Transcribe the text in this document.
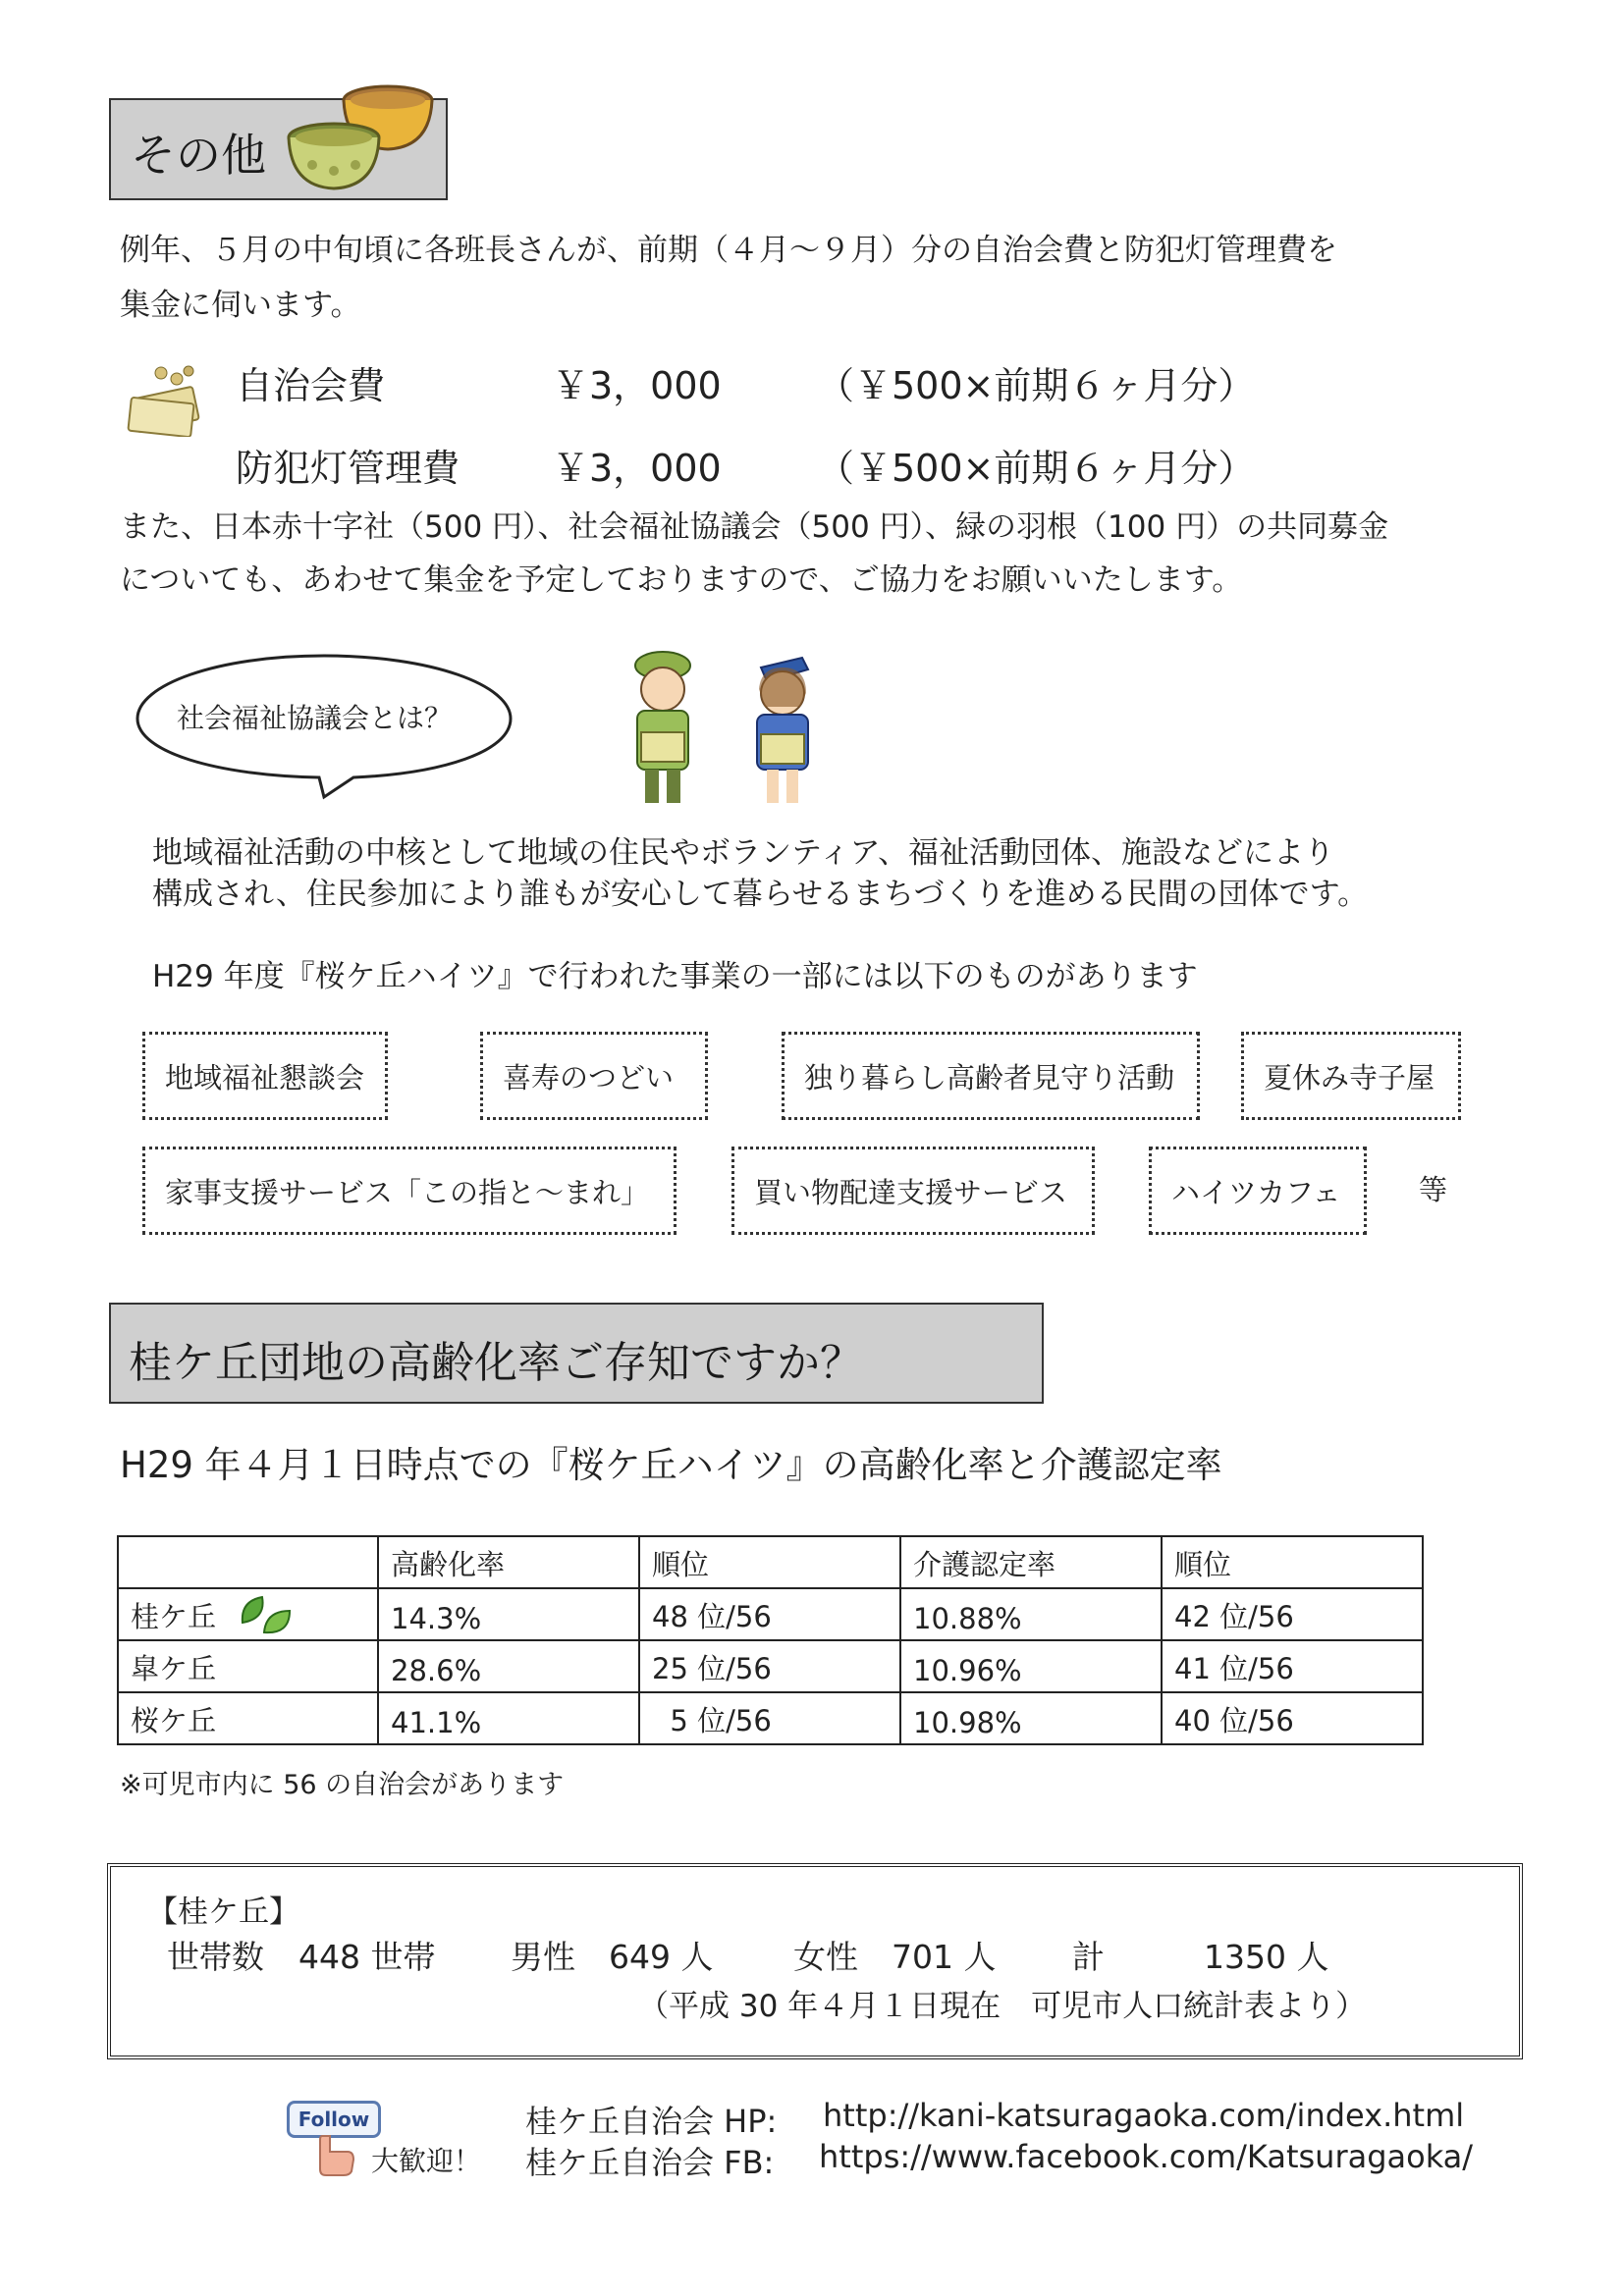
その他
例年、５月の中旬頃に各班長さんが、前期（４月～９月）分の自治会費と防犯灯管理費を
集金に伺います。
自治会費	￥3，000	（￥500×前期６ヶ月分）
防犯灯管理費 ￥3，000	（￥500×前期６ヶ月分）
また、日本赤十字社（500 円）、社会福祉協議会（500 円）、緑の羽根（100 円）の共同募金
についても、あわせて集金を予定しておりますので、ご協力をお願いいたします。
社会福祉協議会とは？
地域福祉活動の中核として地域の住民やボランティア、福祉活動団体、施設などにより
構成され、住民参加により誰もが安心して暮らせるまちづくりを進める民間の団体です。
H29 年度『桜ケ丘ハイツ』で行われた事業の一部には以下のものがあります
地域福祉懇談会	喜寿のつどい	独り暮らし高齢者見守り活動	夏休み寺子屋
家事支援サービス「この指と～まれ」	買い物配達支援サービス	ハイツカフェ	等
桂ケ丘団地の高齢化率ご存知ですか？
H29 年４月１日時点での『桜ケ丘ハイツ』の高齢化率と介護認定率
	高齢化率	順位	介護認定率	順位
桂ケ丘	14.3%	48 位/56	10.88%	42 位/56
皐ケ丘	28.6%	25 位/56	10.96%	41 位/56
桜ケ丘	41.1%	5 位/56	10.98%	40 位/56
※可児市内に 56 の自治会があります
【桂ケ丘】
世帯数 448 世帯 男性 649 人 女性 701 人 計	1350 人
（平成 30 年４月１日現在　可児市人口統計表より）
Follow
大歓迎！
桂ケ丘自治会 HP: http://kani-katsuragaoka.com/index.html
桂ケ丘自治会 FB: https://www.facebook.com/Katsuragaoka/
